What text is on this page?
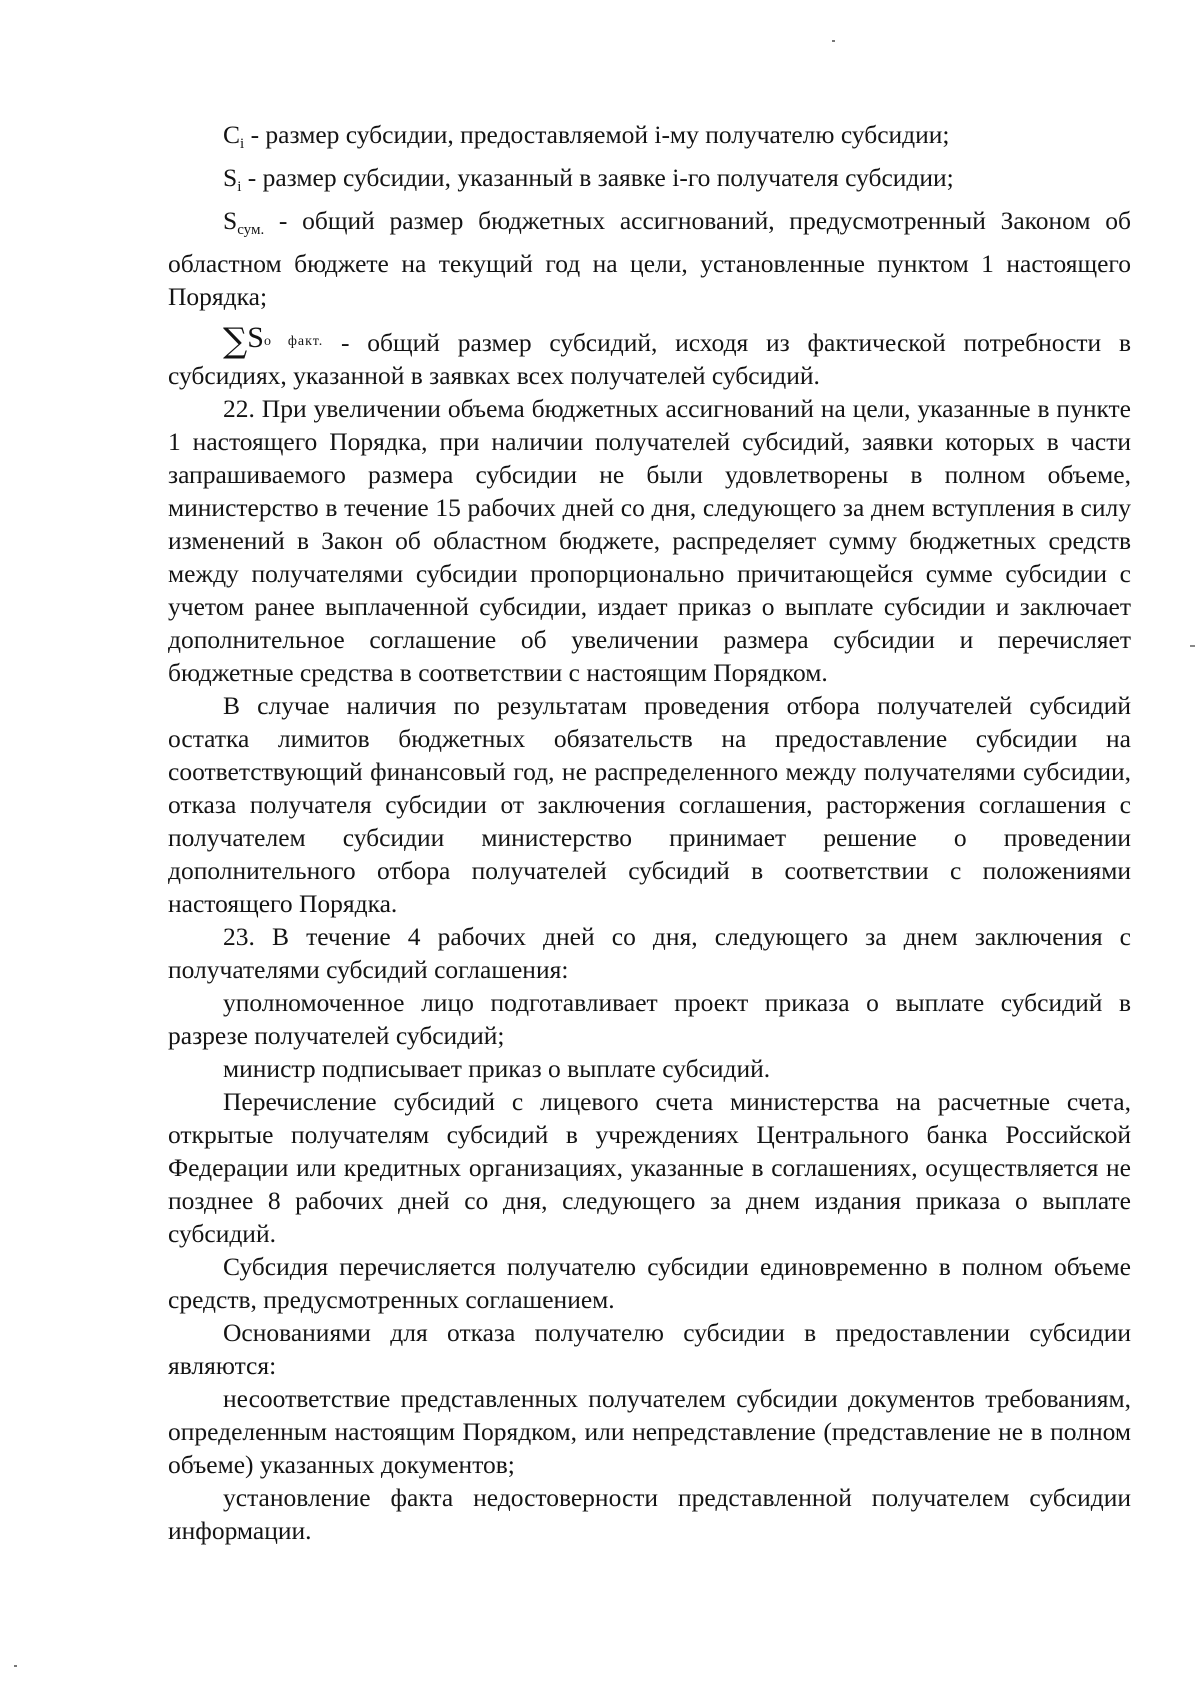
$C_i$ - размер субсидии, предоставляемой i-му получателю субсидии;

$S_i$ - размер субсидии, указанный в заявке i-го получателя субсидии;

$S_{сум.}$ - общий размер бюджетных ассигнований, предусмотренный Законом об областном бюджете на текущий год на цели, установленные пунктом 1 настоящего Порядка;

$\sum S^{о факт.}$ - общий размер субсидий, исходя из фактической потребности в субсидиях, указанной в заявках всех получателей субсидий.

22. При увеличении объема бюджетных ассигнований на цели, указанные в пункте 1 настоящего Порядка, при наличии получателей субсидий, заявки которых в части запрашиваемого размера субсидии не были удовлетворены в полном объеме, министерство в течение 15 рабочих дней со дня, следующего за днем вступления в силу изменений в Закон об областном бюджете, распределяет сумму бюджетных средств между получателями субсидии пропорционально причитающейся сумме субсидии с учетом ранее выплаченной субсидии, издает приказ о выплате субсидии и заключает дополнительное соглашение об увеличении размера субсидии и перечисляет бюджетные средства в соответствии с настоящим Порядком.

В случае наличия по результатам проведения отбора получателей субсидий остатка лимитов бюджетных обязательств на предоставление субсидии на соответствующий финансовый год, не распределенного между получателями субсидии, отказа получателя субсидии от заключения соглашения, расторжения соглашения с получателем субсидии министерство принимает решение о проведении дополнительного отбора получателей субсидий в соответствии с положениями настоящего Порядка.

23. В течение 4 рабочих дней со дня, следующего за днем заключения с получателями субсидий соглашения:

уполномоченное лицо подготавливает проект приказа о выплате субсидий в разрезе получателей субсидий;

министр подписывает приказ о выплате субсидий.

Перечисление субсидий с лицевого счета министерства на расчетные счета, открытые получателям субсидий в учреждениях Центрального банка Российской Федерации или кредитных организациях, указанные в соглашениях, осуществляется не позднее 8 рабочих дней со дня, следующего за днем издания приказа о выплате субсидий.

Субсидия перечисляется получателю субсидии единовременно в полном объеме средств, предусмотренных соглашением.

Основаниями для отказа получателю субсидии в предоставлении субсидии являются:

несоответствие представленных получателем субсидии документов требованиям, определенным настоящим Порядком, или непредставление (представление не в полном объеме) указанных документов;

установление факта недостоверности представленной получателем субсидии информации.
